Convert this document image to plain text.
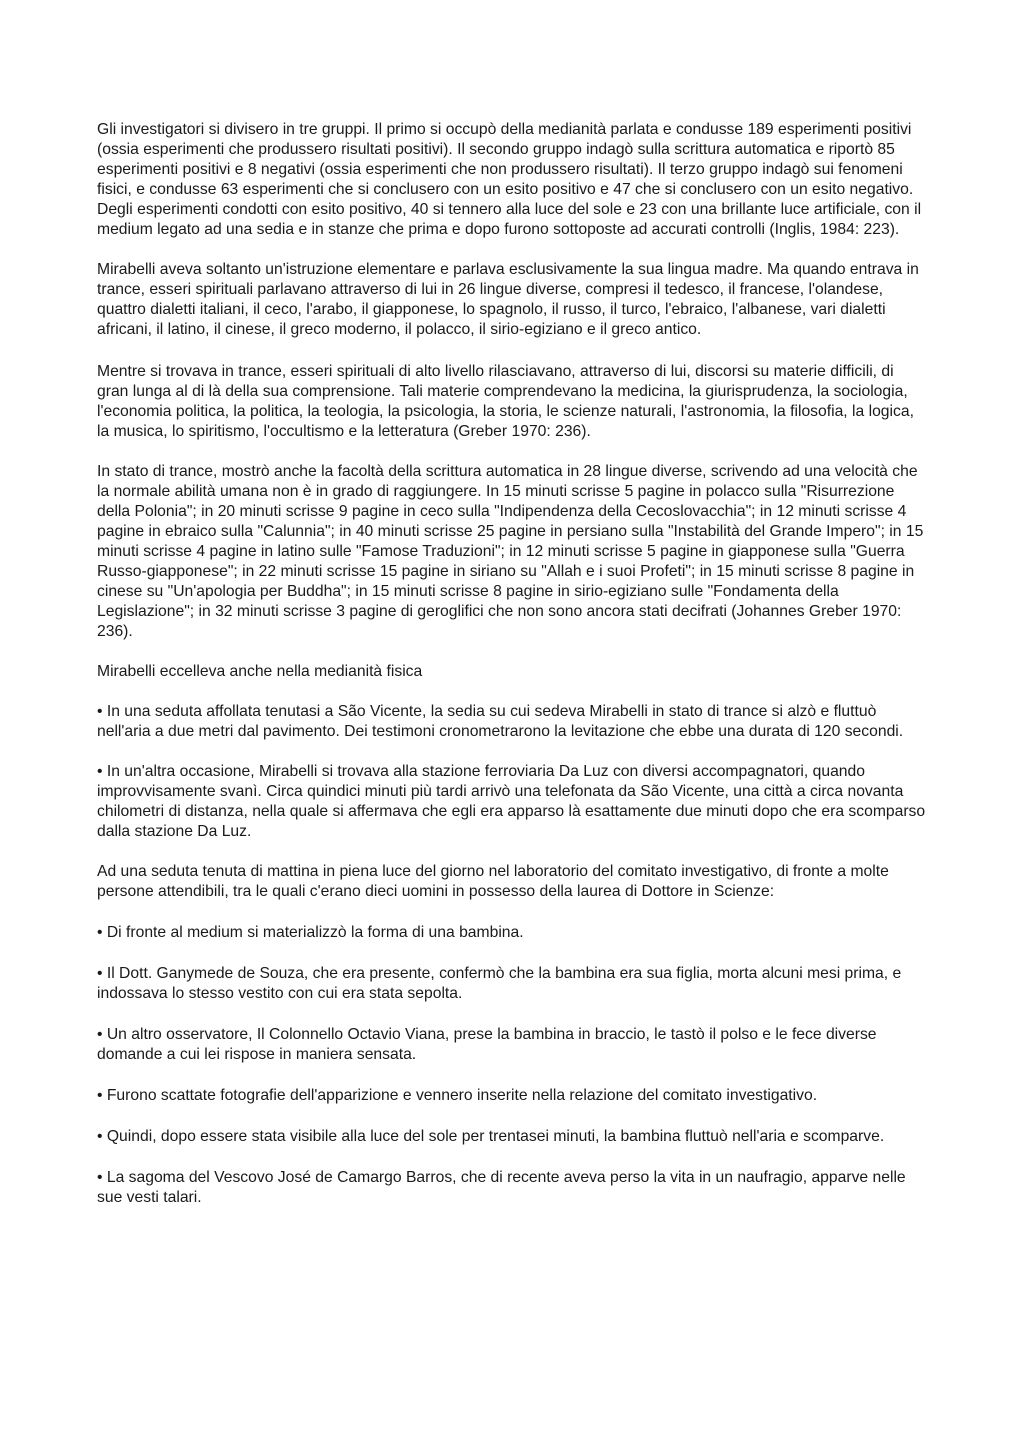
Gli investigatori si divisero in tre gruppi. Il primo si occupò della medianità parlata e condusse 189 esperimenti positivi (ossia esperimenti che produssero risultati positivi). Il secondo gruppo indagò sulla scrittura automatica e riportò 85 esperimenti positivi e 8 negativi (ossia esperimenti che non produssero risultati). Il terzo gruppo indagò sui fenomeni fisici, e condusse 63 esperimenti che si conclusero con un esito positivo e 47 che si conclusero con un esito negativo. Degli esperimenti condotti con esito positivo, 40 si tennero alla luce del sole e 23 con una brillante luce artificiale, con il medium legato ad una sedia e in stanze che prima e dopo furono sottoposte ad accurati controlli (Inglis, 1984: 223).

Mirabelli aveva soltanto un'istruzione elementare e parlava esclusivamente la sua lingua madre. Ma quando entrava in trance, esseri spirituali parlavano attraverso di lui in 26 lingue diverse, compresi il tedesco, il francese, l'olandese, quattro dialetti italiani, il ceco, l'arabo, il giapponese, lo spagnolo, il russo, il turco, l'ebraico, l'albanese, vari dialetti africani, il latino, il cinese, il greco moderno, il polacco, il sirio-egiziano e il greco antico.

Mentre si trovava in trance, esseri spirituali di alto livello rilasciavano, attraverso di lui, discorsi su materie difficili, di gran lunga al di là della sua comprensione. Tali materie comprendevano la medicina, la giurisprudenza, la sociologia, l'economia politica, la politica, la teologia, la psicologia, la storia, le scienze naturali, l'astronomia, la filosofia, la logica, la musica, lo spiritismo, l'occultismo e la letteratura (Greber 1970: 236).

In stato di trance, mostrò anche la facoltà della scrittura automatica in 28 lingue diverse, scrivendo ad una velocità che la normale abilità umana non è in grado di raggiungere. In 15 minuti scrisse 5 pagine in polacco sulla "Risurrezione della Polonia"; in 20 minuti scrisse 9 pagine in ceco sulla "Indipendenza della Cecoslovacchia"; in 12 minuti scrisse 4 pagine in ebraico sulla "Calunnia"; in 40 minuti scrisse 25 pagine in persiano sulla "Instabilità del Grande Impero"; in 15 minuti scrisse 4 pagine in latino sulle "Famose Traduzioni"; in 12 minuti scrisse 5 pagine in giapponese sulla "Guerra Russo-giapponese"; in 22 minuti scrisse 15 pagine in siriano su "Allah e i suoi Profeti"; in 15 minuti scrisse 8 pagine in cinese su "Un'apologia per Buddha"; in 15 minuti scrisse 8 pagine in sirio-egiziano sulle "Fondamenta della Legislazione"; in 32 minuti scrisse 3 pagine di geroglifici che non sono ancora stati decifrati (Johannes Greber 1970: 236).

Mirabelli eccelleva anche nella medianità fisica

• In una seduta affollata tenutasi a São Vicente, la sedia su cui sedeva Mirabelli in stato di trance si alzò e fluttuò nell'aria a due metri dal pavimento. Dei testimoni cronometrarono la levitazione che ebbe una durata di 120 secondi.

• In un'altra occasione, Mirabelli si trovava alla stazione ferroviaria Da Luz con diversi accompagnatori, quando improvvisamente svanì. Circa quindici minuti più tardi arrivò una telefonata da São Vicente, una città a circa novanta chilometri di distanza, nella quale si affermava che egli era apparso là esattamente due minuti dopo che era scomparso dalla stazione Da Luz.

Ad una seduta tenuta di mattina in piena luce del giorno nel laboratorio del comitato investigativo, di fronte a molte persone attendibili, tra le quali c'erano dieci uomini in possesso della laurea di Dottore in Scienze:

• Di fronte al medium si materializzò la forma di una bambina.

• Il Dott. Ganymede de Souza, che era presente, confermò che la bambina era sua figlia, morta alcuni mesi prima, e indossava lo stesso vestito con cui era stata sepolta.

• Un altro osservatore, Il Colonnello Octavio Viana, prese la bambina in braccio, le tastò il polso e le fece diverse domande a cui lei rispose in maniera sensata.

• Furono scattate fotografie dell'apparizione e vennero inserite nella relazione del comitato investigativo.

• Quindi, dopo essere stata visibile alla luce del sole per trentasei minuti, la bambina fluttuò nell'aria e scomparve.

• La sagoma del Vescovo José de Camargo Barros, che di recente aveva perso la vita in un naufragio, apparve nelle sue vesti talari.
